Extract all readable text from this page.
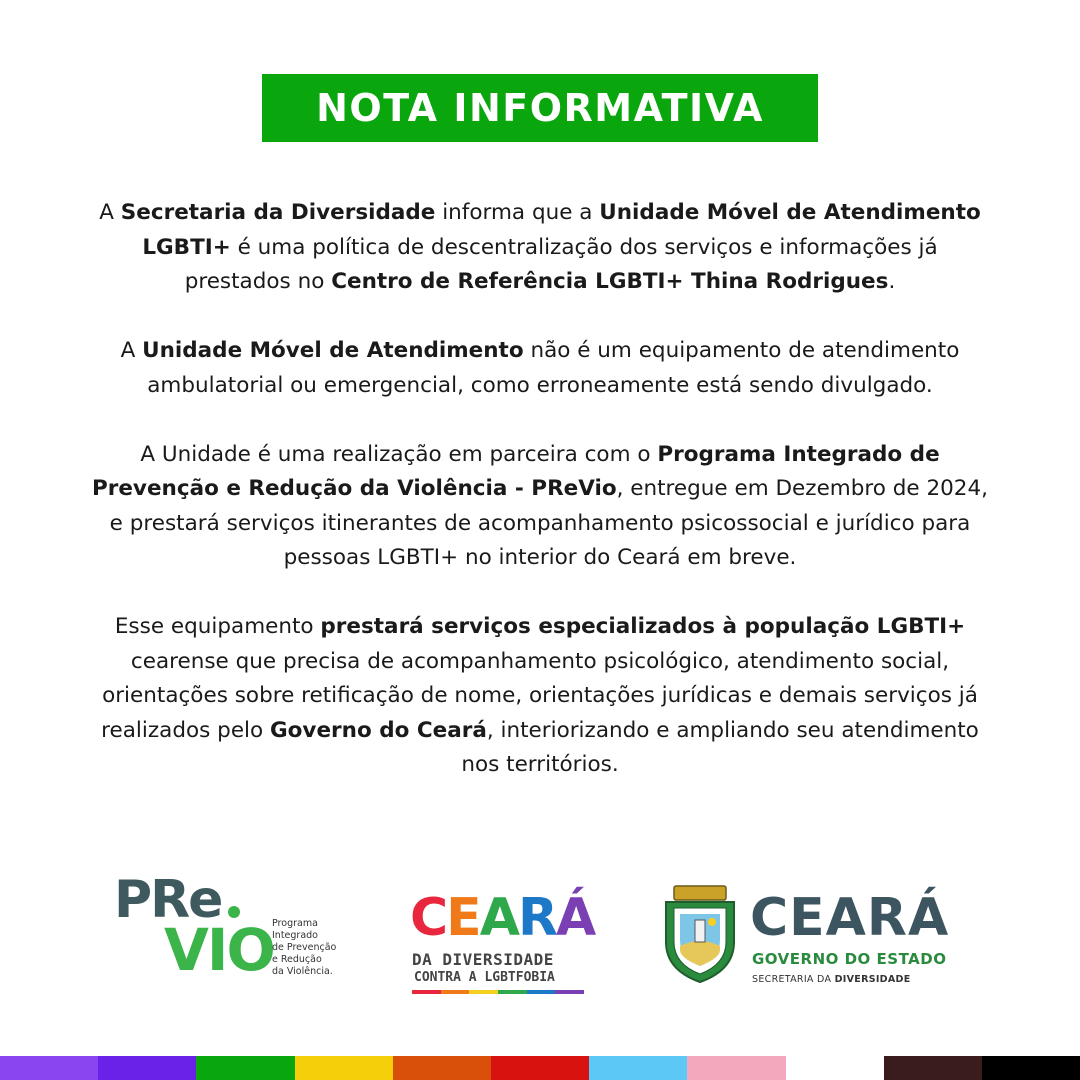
NOTA INFORMATIVA

A Secretaria da Diversidade informa que a Unidade Móvel de Atendimento LGBTI+ é uma política de descentralização dos serviços e informações já prestados no Centro de Referência LGBTI+ Thina Rodrigues.

A Unidade Móvel de Atendimento não é um equipamento de atendimento ambulatorial ou emergencial, como erroneamente está sendo divulgado.

A Unidade é uma realização em parceira com o Programa Integrado de Prevenção e Redução da Violência - PReVio, entregue em Dezembro de 2024, e prestará serviços itinerantes de acompanhamento psicossocial e jurídico para pessoas LGBTI+ no interior do Ceará em breve.

Esse equipamento prestará serviços especializados à população LGBTI+ cearense que precisa de acompanhamento psicológico, atendimento social, orientações sobre retificação de nome, orientações jurídicas e demais serviços já realizados pelo Governo do Ceará, interiorizando e ampliando seu atendimento nos territórios.

PRe
VIO
Programa
Integrado
de Prevenção
e Redução
da Violência.
C E A R Á
DA DIVERSIDADE
CONTRA A LGBTFOBIA
CEARÁ
GOVERNO DO ESTADO
SECRETARIA DA DIVERSIDADE
